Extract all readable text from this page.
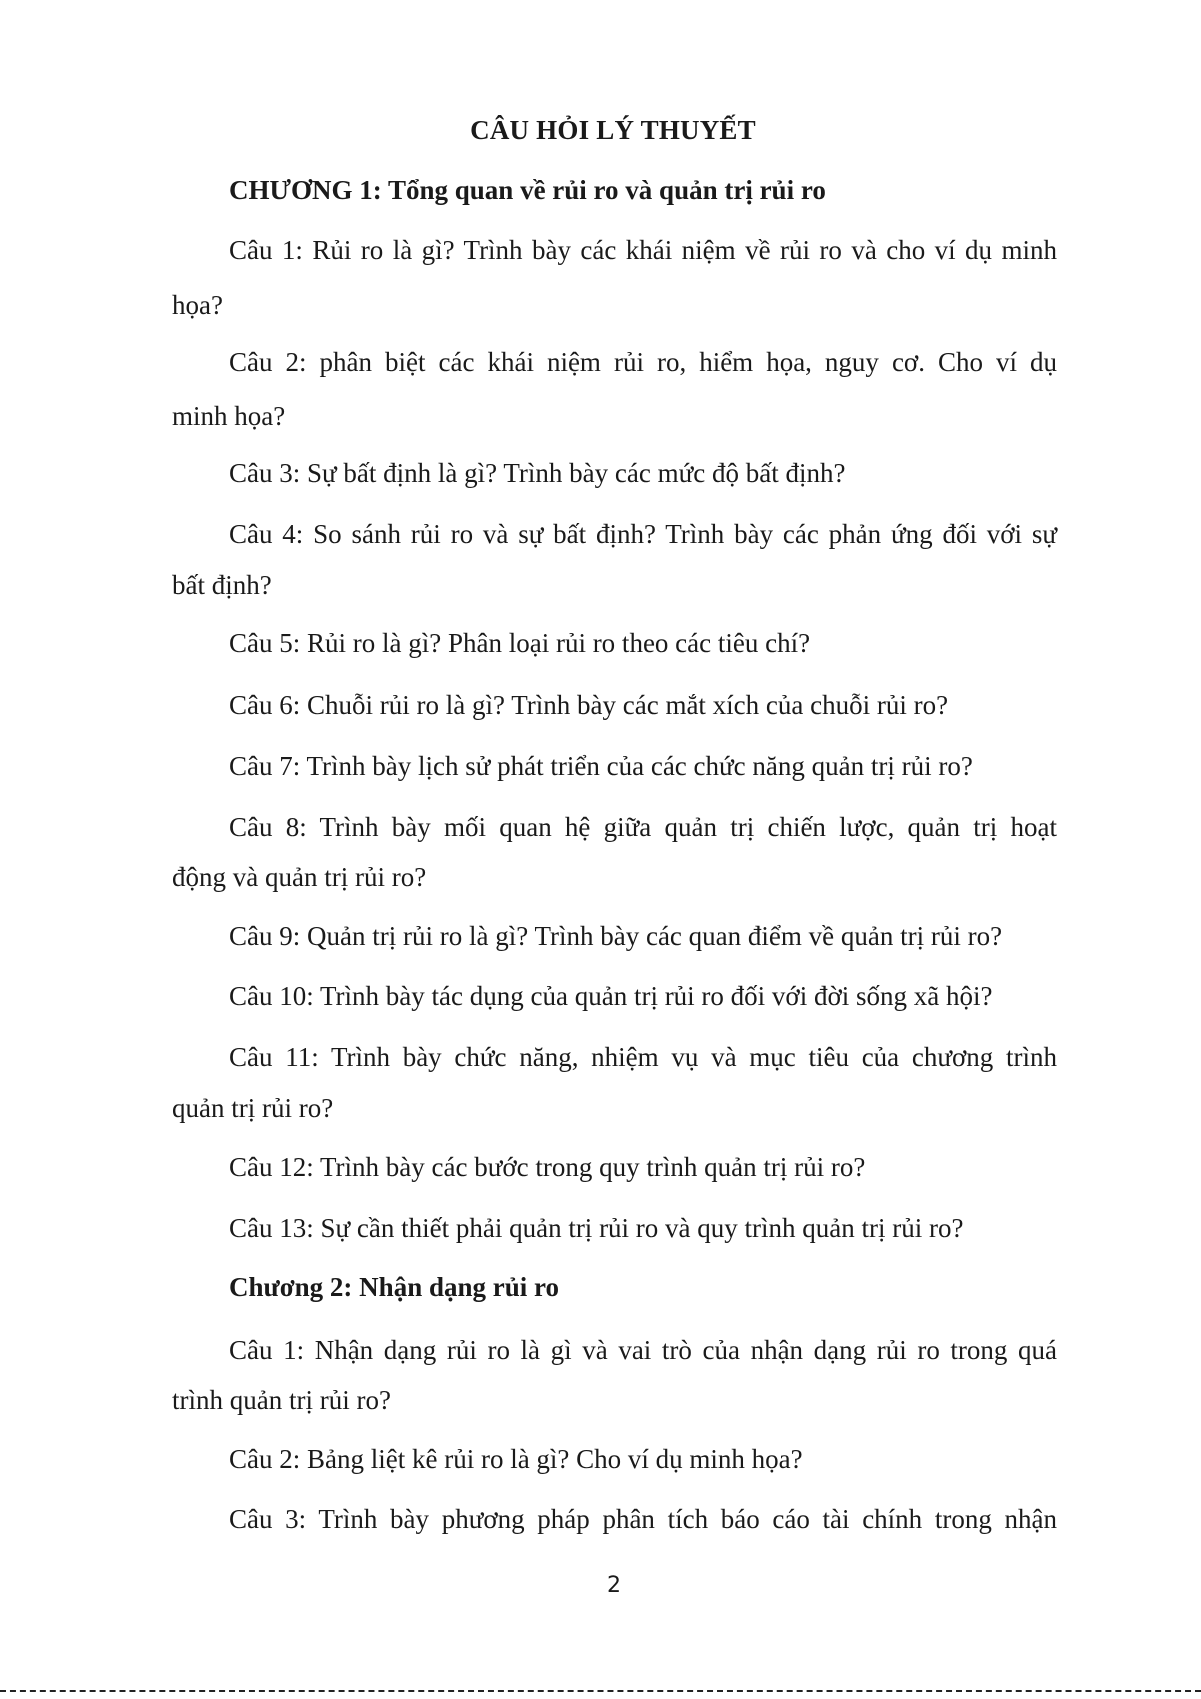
CÂU HỎI LÝ THUYẾT
CHƯƠNG 1: Tổng quan về rủi ro và quản trị rủi ro
Câu 1: Rủi ro là gì? Trình bày các khái niệm về rủi ro và cho ví dụ minh
họa?
Câu 2: phân biệt các khái niệm rủi ro, hiểm họa, nguy cơ. Cho ví dụ
minh họa?
Câu 3: Sự bất định là gì? Trình bày các mức độ bất định?
Câu 4: So sánh rủi ro và sự bất định? Trình bày các phản ứng đối với sự
bất định?
Câu 5: Rủi ro là gì? Phân loại rủi ro theo các tiêu chí?
Câu 6: Chuỗi rủi ro là gì? Trình bày các mắt xích của chuỗi rủi ro?
Câu 7: Trình bày lịch sử phát triển của các chức năng quản trị rủi ro?
Câu 8: Trình bày mối quan hệ giữa quản trị chiến lược, quản trị hoạt
động và quản trị rủi ro?
Câu 9: Quản trị rủi ro là gì? Trình bày các quan điểm về quản trị rủi ro?
Câu 10: Trình bày tác dụng của quản trị rủi ro đối với đời sống xã hội?
Câu 11: Trình bày chức năng, nhiệm vụ và mục tiêu của chương trình
quản trị rủi ro?
Câu 12: Trình bày các bước trong quy trình quản trị rủi ro?
Câu 13: Sự cần thiết phải quản trị rủi ro và quy trình quản trị rủi ro?
Chương 2: Nhận dạng rủi ro
Câu 1: Nhận dạng rủi ro là gì và vai trò của nhận dạng rủi ro trong quá
trình quản trị rủi ro?
Câu 2: Bảng liệt kê rủi ro là gì? Cho ví dụ minh họa?
Câu 3: Trình bày phương pháp phân tích báo cáo tài chính trong nhận
2
